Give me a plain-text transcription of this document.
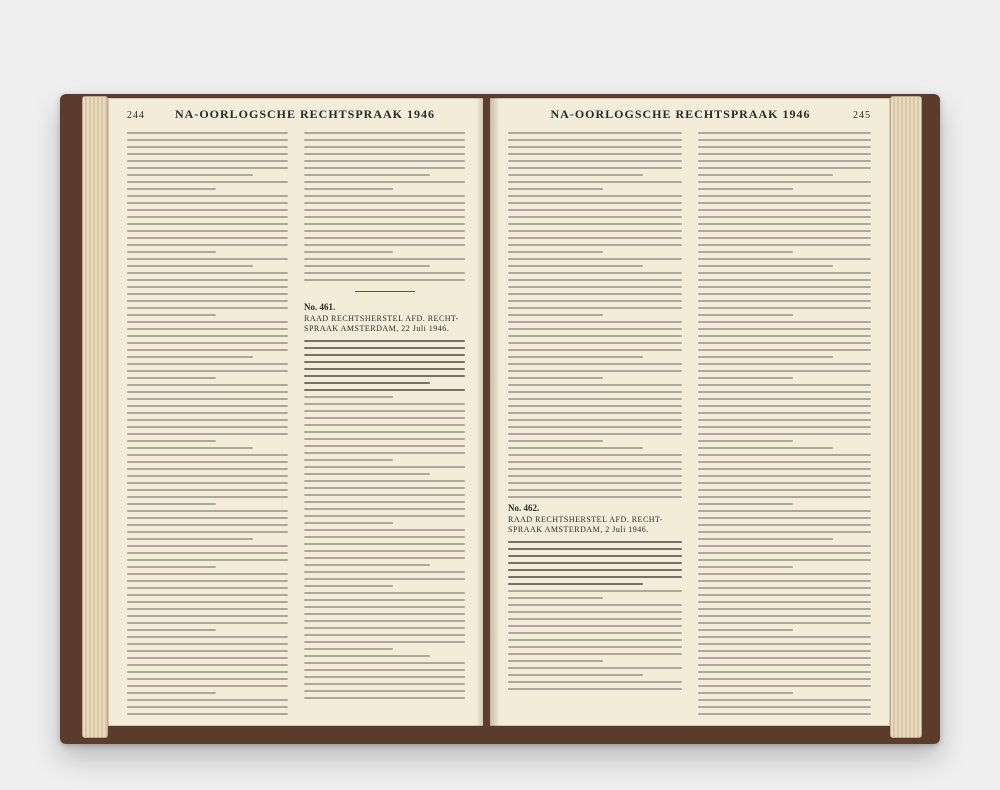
244 NA-OORLOGSCHE RECHTSPRAAK 1946
No. 461.
RAAD RECHTSHERSTEL AFD. RECHT-SPRAAK AMSTERDAM, 22 Juli 1946.
NA-OORLOGSCHE RECHTSPRAAK 1946	245
No. 462.
RAAD RECHTSHERSTEL AFD. RECHT-SPRAAK AMSTERDAM, 2 Juli 1946.
